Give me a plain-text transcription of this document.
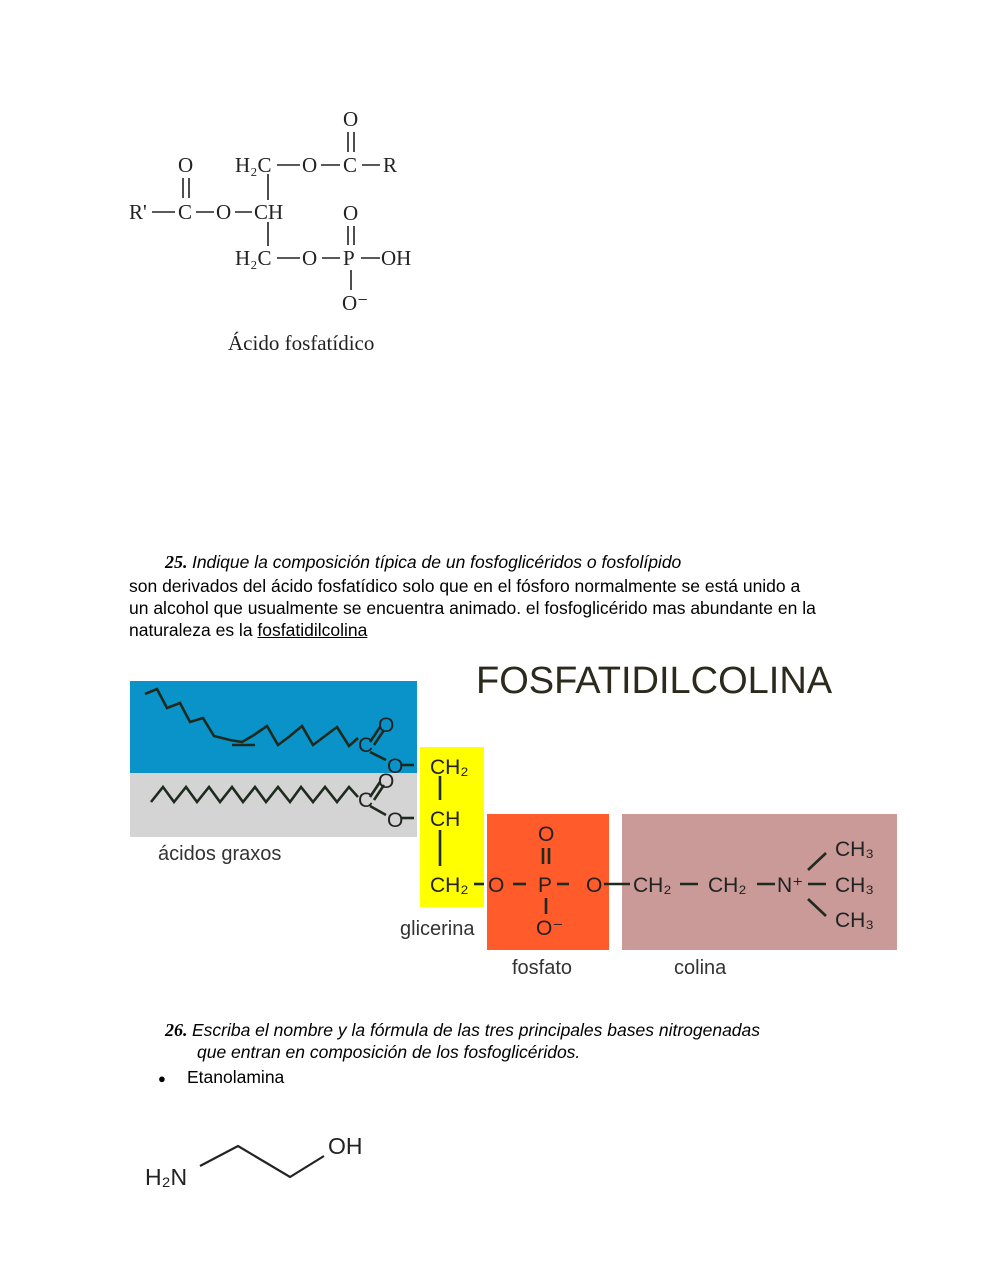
O
H₂C O C R
O
R' C O CH	O
H₂C O P OH
O⁻
Ácido fosfatídico
FOSFATIDILCOLINA
O
C
O
C
O
O
CH₂
CH
CH₂ O P
O
O
O⁻
CH₂ CH₂ N⁺
CH₃
CH₃
CH₃
ácidos graxos
glicerina
fosfato	colina
H₂N
OH
25. Indique la composición típica de un fosfoglicéridos o fosfolípido
son derivados del ácido fosfatídico solo que en el fósforo normalmente se está unido a
un alcohol que usualmente se encuentra animado. el fosfoglicérido mas abundante en la
naturaleza es la fosfatidilcolina
26. Escriba el nombre y la fórmula de las tres principales bases nitrogenadas
que entran en composición de los fosfoglicéridos.
● Etanolamina
